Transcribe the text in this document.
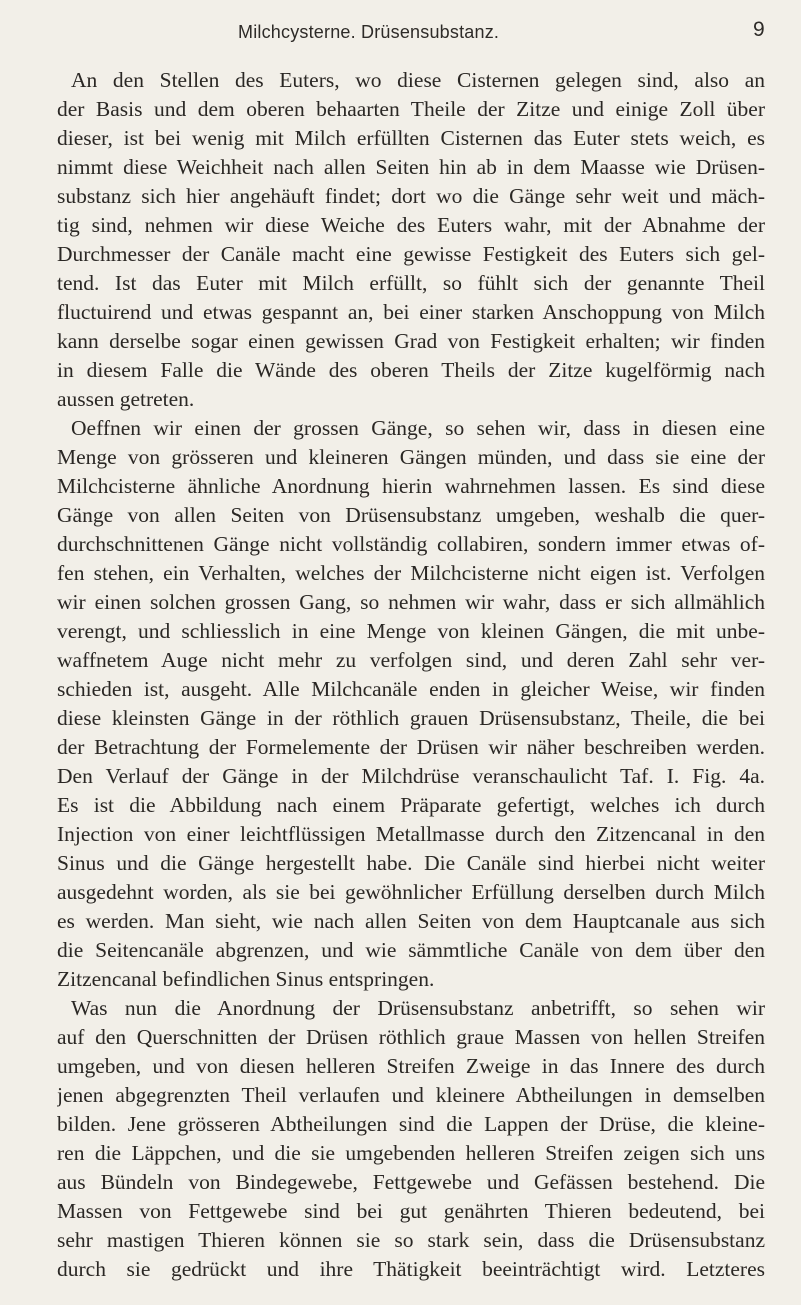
Milchcysterne. Drüsensubstanz.	9
An den Stellen des Euters, wo diese Cisternen gelegen sind, also an
der Basis und dem oberen behaarten Theile der Zitze und einige Zoll über
dieser, ist bei wenig mit Milch erfüllten Cisternen das Euter stets weich, es
nimmt diese Weichheit nach allen Seiten hin ab in dem Maasse wie Drüsen-
substanz sich hier angehäuft findet; dort wo die Gänge sehr weit und mäch-
tig sind, nehmen wir diese Weiche des Euters wahr, mit der Abnahme der
Durchmesser der Canäle macht eine gewisse Festigkeit des Euters sich gel-
tend. Ist das Euter mit Milch erfüllt, so fühlt sich der genannte Theil
fluctuirend und etwas gespannt an, bei einer starken Anschoppung von Milch
kann derselbe sogar einen gewissen Grad von Festigkeit erhalten; wir finden
in diesem Falle die Wände des oberen Theils der Zitze kugelförmig nach
aussen getreten.
Oeffnen wir einen der grossen Gänge, so sehen wir, dass in diesen eine
Menge von grösseren und kleineren Gängen münden, und dass sie eine der
Milchcisterne ähnliche Anordnung hierin wahrnehmen lassen. Es sind diese
Gänge von allen Seiten von Drüsensubstanz umgeben, weshalb die quer-
durchschnittenen Gänge nicht vollständig collabiren, sondern immer etwas of-
fen stehen, ein Verhalten, welches der Milchcisterne nicht eigen ist. Verfolgen
wir einen solchen grossen Gang, so nehmen wir wahr, dass er sich allmählich
verengt, und schliesslich in eine Menge von kleinen Gängen, die mit unbe-
waffnetem Auge nicht mehr zu verfolgen sind, und deren Zahl sehr ver-
schieden ist, ausgeht. Alle Milchcanäle enden in gleicher Weise, wir finden
diese kleinsten Gänge in der röthlich grauen Drüsensubstanz, Theile, die bei
der Betrachtung der Formelemente der Drüsen wir näher beschreiben werden.
Den Verlauf der Gänge in der Milchdrüse veranschaulicht Taf. I. Fig. 4a.
Es ist die Abbildung nach einem Präparate gefertigt, welches ich durch
Injection von einer leichtflüssigen Metallmasse durch den Zitzencanal in den
Sinus und die Gänge hergestellt habe. Die Canäle sind hierbei nicht weiter
ausgedehnt worden, als sie bei gewöhnlicher Erfüllung derselben durch Milch
es werden. Man sieht, wie nach allen Seiten von dem Hauptcanale aus sich
die Seitencanäle abgrenzen, und wie sämmtliche Canäle von dem über den
Zitzencanal befindlichen Sinus entspringen.
Was nun die Anordnung der Drüsensubstanz anbetrifft, so sehen wir
auf den Querschnitten der Drüsen röthlich graue Massen von hellen Streifen
umgeben, und von diesen helleren Streifen Zweige in das Innere des durch
jenen abgegrenzten Theil verlaufen und kleinere Abtheilungen in demselben
bilden. Jene grösseren Abtheilungen sind die Lappen der Drüse, die kleine-
ren die Läppchen, und die sie umgebenden helleren Streifen zeigen sich uns
aus Bündeln von Bindegewebe, Fettgewebe und Gefässen bestehend. Die
Massen von Fettgewebe sind bei gut genährten Thieren bedeutend, bei
sehr mastigen Thieren können sie so stark sein, dass die Drüsensubstanz
durch sie gedrückt und ihre Thätigkeit beeinträchtigt wird. Letzteres
